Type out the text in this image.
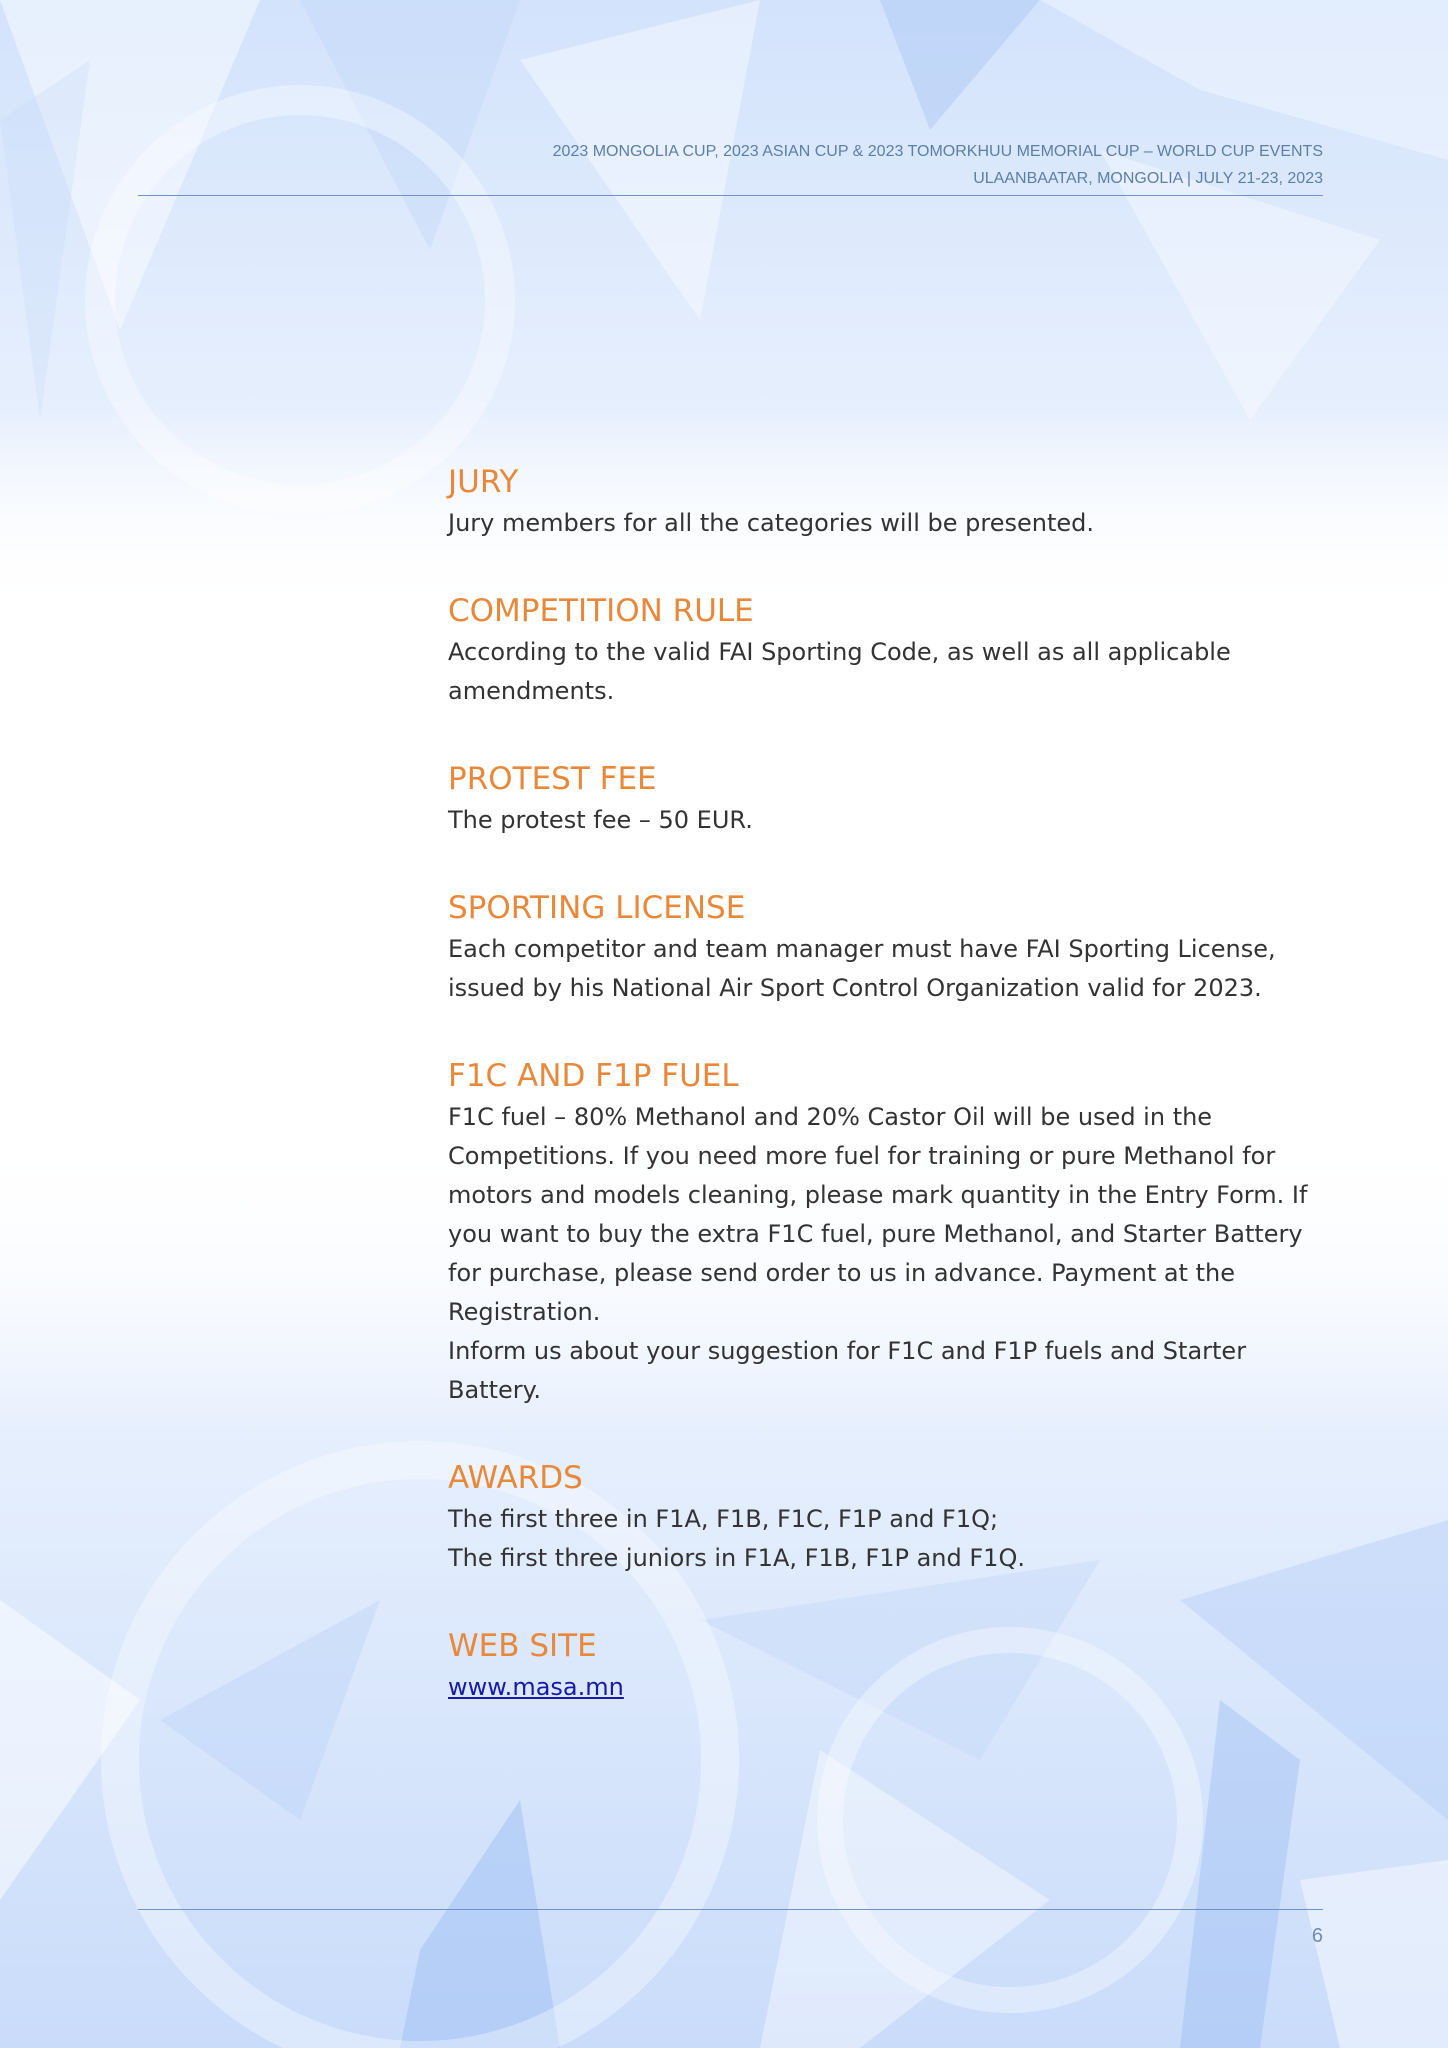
2023 MONGOLIA CUP, 2023 ASIAN CUP & 2023 TOMORKHUU MEMORIAL CUP – WORLD CUP EVENTS
ULAANBAATAR, MONGOLIA | JULY 21-23, 2023
JURY

Jury members for all the categories will be presented.

COMPETITION RULE

According to the valid FAI Sporting Code, as well as all applicable amendments.

PROTEST FEE

The protest fee – 50 EUR.

SPORTING LICENSE

Each competitor and team manager must have FAI Sporting License, issued by his National Air Sport Control Organization valid for 2023.

F1C AND F1P FUEL

F1C fuel – 80% Methanol and 20% Castor Oil will be used in the Competitions. If you need more fuel for training or pure Methanol for motors and models cleaning, please mark quantity in the Entry Form. If you want to buy the extra F1C fuel, pure Methanol, and Starter Battery for purchase, please send order to us in advance. Payment at the Registration.

Inform us about your suggestion for F1C and F1P fuels and Starter Battery.

AWARDS

The first three in F1A, F1B, F1C, F1P and F1Q;

The first three juniors in F1A, F1B, F1P and F1Q.

WEB SITE
www.masa.mn
6
